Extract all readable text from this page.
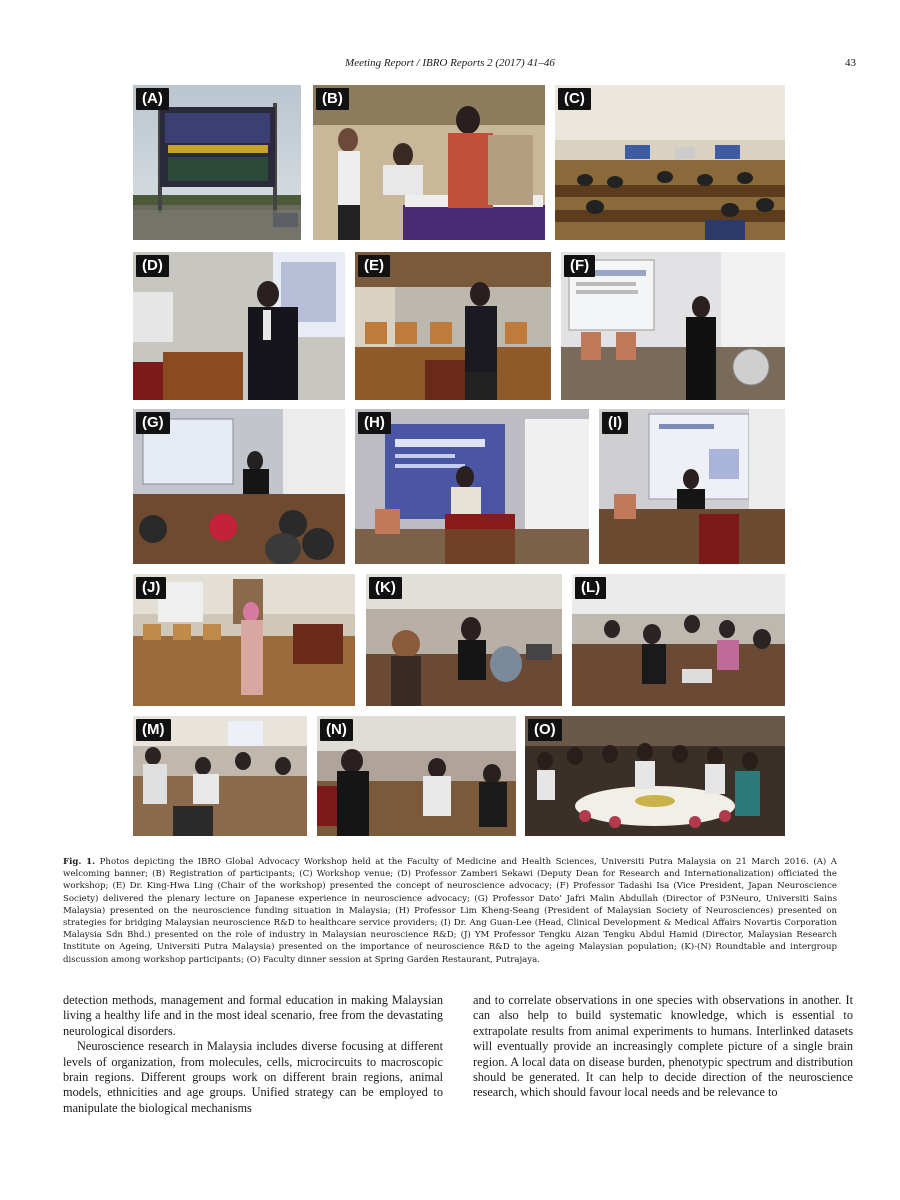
Meeting Report / IBRO Reports 2 (2017) 41–46	43
(A)	(B)	(C)
(D)	(E)	(F)
(G)	(H)	(I)
(J)	(K)	(L)
(M)	(N)	(O)
Fig. 1. Photos depicting the IBRO Global Advocacy Workshop held at the Faculty of Medicine and Health Sciences, Universiti Putra Malaysia on 21 March 2016. (A) A welcoming banner; (B) Registration of participants; (C) Workshop venue; (D) Professor Zamberi Sekawi (Deputy Dean for Research and Internationalization) officiated the workshop; (E) Dr. King-Hwa Ling (Chair of the workshop) presented the concept of neuroscience advocacy; (F) Professor Tadashi Isa (Vice President, Japan Neuroscience Society) delivered the plenary lecture on Japanese experience in neuroscience advocacy; (G) Professor Dato’ Jafri Malin Abdullah (Director of P3Neuro, Universiti Sains Malaysia) presented on the neuroscience funding situation in Malaysia; (H) Professor Lim Kheng-Seang (President of Malaysian Society of Neurosciences) presented on strategies for bridging Malaysian neuroscience R&D to healthcare service providers; (I) Dr. Ang Guan-Lee (Head, Clinical Development & Medical Affairs Novartis Corporation Malaysia Sdn Bhd.) presented on the role of industry in Malaysian neuroscience R&D; (J) YM Professor Tengku Aizan Tengku Abdul Hamid (Director, Malaysian Research Institute on Ageing, Universiti Putra Malaysia) presented on the importance of neuroscience R&D to the ageing Malaysian population; (K)-(N) Roundtable and intergroup discussion among workshop participants; (O) Faculty dinner session at Spring Garden Restaurant, Putrajaya.

detection methods, management and formal education in making Malaysian living a healthy life and in the most ideal scenario, free from the devastating neurological disorders.

Neuroscience research in Malaysia includes diverse focusing at different levels of organization, from molecules, cells, microcircuits to macroscopic brain regions. Different groups work on different brain regions, animal models, ethnicities and age groups. Unified strategy can be employed to manipulate the biological mechanisms

and to correlate observations in one species with observations in another. It can also help to build systematic knowledge, which is essential to extrapolate results from animal experiments to humans. Interlinked datasets will eventually provide an increasingly complete picture of a single brain region. A local data on disease burden, phenotypic spectrum and distribution should be generated. It can help to decide direction of the neuroscience research, which should favour local needs and be relevance to
